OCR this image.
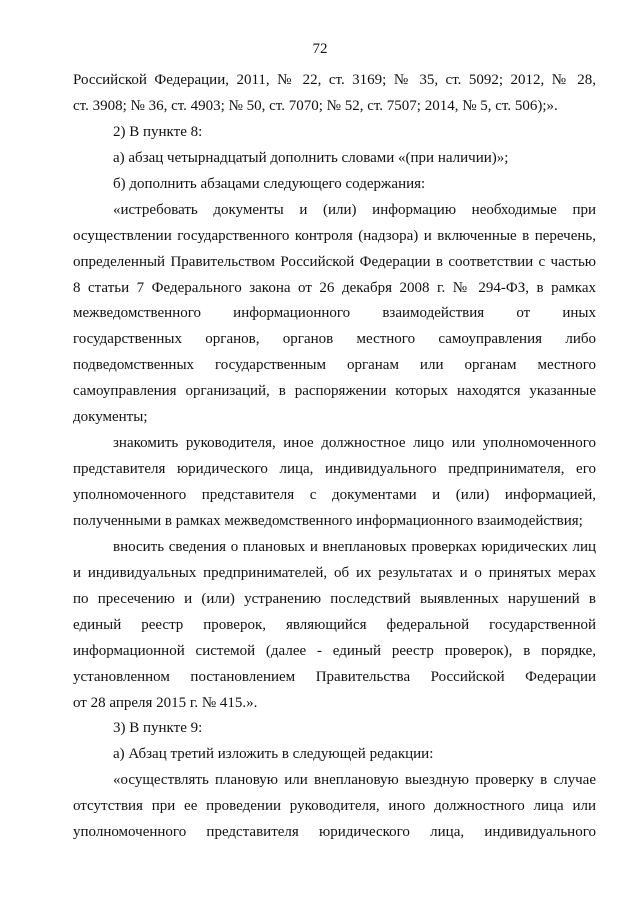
72
Российской Федерации, 2011, № 22, ст. 3169; № 35, ст. 5092; 2012, № 28,
ст. 3908; № 36, ст. 4903; № 50, ст. 7070; № 52, ст. 7507; 2014, № 5, ст. 506);».
2) В пункте 8:
а) абзац четырнадцатый дополнить словами «(при наличии)»;
б) дополнить абзацами следующего содержания:
«истребовать документы и (или) информацию необходимые при
осуществлении государственного контроля (надзора) и включенные в перечень,
определенный Правительством Российской Федерации в соответствии с частью
8 статьи 7 Федерального закона от 26 декабря 2008 г. № 294-ФЗ, в рамках
межведомственного информационного взаимодействия от иных
государственных органов, органов местного самоуправления либо
подведомственных государственным органам или органам местного
самоуправления организаций, в распоряжении которых находятся указанные
документы;
знакомить руководителя, иное должностное лицо или уполномоченного
представителя юридического лица, индивидуального предпринимателя, его
уполномоченного представителя с документами и (или) информацией,
полученными в рамках межведомственного информационного взаимодействия;
вносить сведения о плановых и внеплановых проверках юридических лиц
и индивидуальных предпринимателей, об их результатах и о принятых мерах
по пресечению и (или) устранению последствий выявленных нарушений в
единый реестр проверок, являющийся федеральной государственной
информационной системой (далее - единый реестр проверок), в порядке,
установленном постановлением Правительства Российской Федерации
от 28 апреля 2015 г. № 415.».
3) В пункте 9:
а) Абзац третий изложить в следующей редакции:
«осуществлять плановую или внеплановую выездную проверку в случае
отсутствия при ее проведении руководителя, иного должностного лица или
уполномоченного представителя юридического лица, индивидуального
